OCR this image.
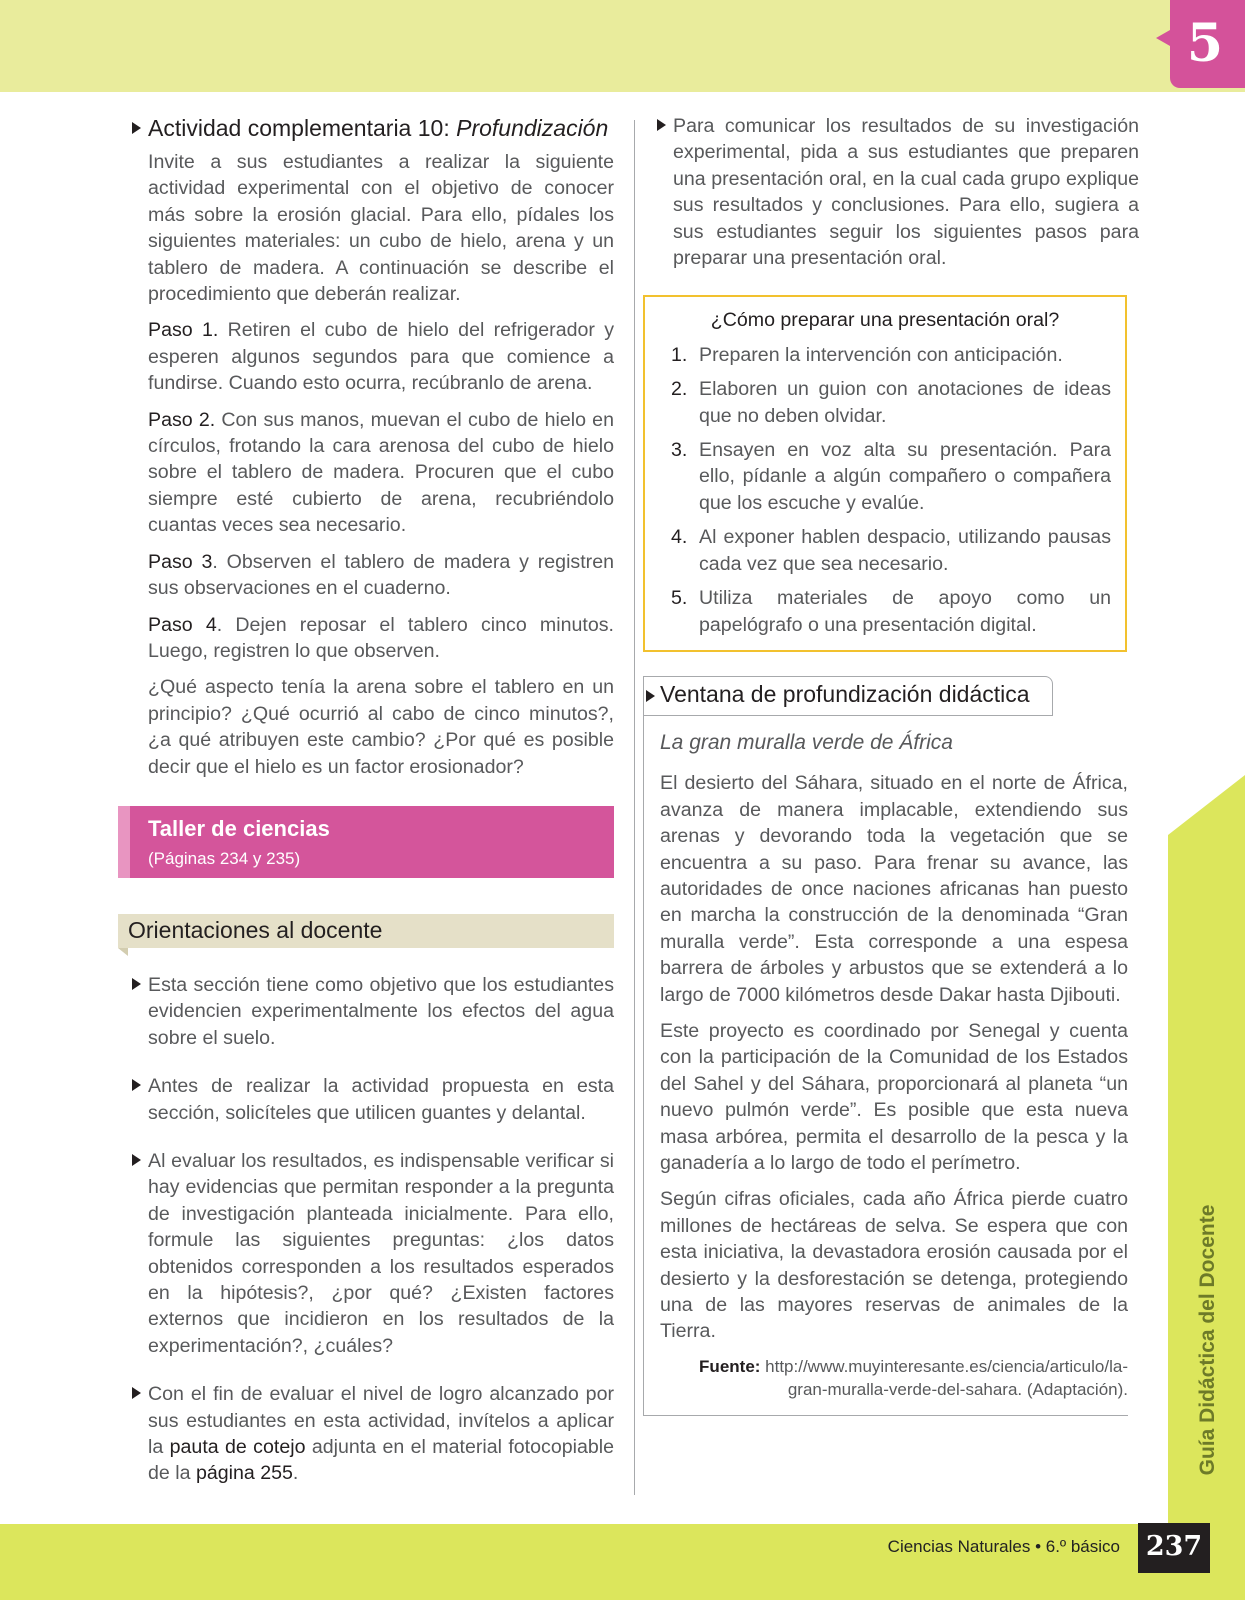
5
Guía Didáctica del Docente
Ciencias Naturales • 6.º básico 237
Actividad complementaria 10: Profundización

Invite a sus estudiantes a realizar la siguiente actividad experimental con el objetivo de conocer más sobre la erosión glacial. Para ello, pídales los siguientes materiales: un cubo de hielo, arena y un tablero de madera. A continuación se describe el procedimiento que deberán realizar.

Paso 1. Retiren el cubo de hielo del refrigerador y esperen algunos segundos para que comience a fundirse. Cuando esto ocurra, recúbranlo de arena.

Paso 2. Con sus manos, muevan el cubo de hielo en círculos, frotando la cara arenosa del cubo de hielo sobre el tablero de madera. Procuren que el cubo siempre esté cubierto de arena, recubriéndolo cuantas veces sea necesario.

Paso 3. Observen el tablero de madera y registren sus observaciones en el cuaderno.

Paso 4. Dejen reposar el tablero cinco minutos. Luego, registren lo que observen.

¿Qué aspecto tenía la arena sobre el tablero en un principio? ¿Qué ocurrió al cabo de cinco minutos?, ¿a qué atribuyen este cambio? ¿Por qué es posible decir que el hielo es un factor erosionador?

Taller de ciencias
(Páginas 234 y 235)
Orientaciones al docente
Esta sección tiene como objetivo que los estudiantes evidencien experimentalmente los efectos del agua sobre el suelo.
Antes de realizar la actividad propuesta en esta sección, solicíteles que utilicen guantes y delantal.
Al evaluar los resultados, es indispensable verificar si hay evidencias que permitan responder a la pregunta de investigación planteada inicialmente. Para ello, formule las siguientes preguntas: ¿los datos obtenidos corresponden a los resultados esperados en la hipótesis?, ¿por qué? ¿Existen factores externos que incidieron en los resultados de la experimentación?, ¿cuáles?
Con el fin de evaluar el nivel de logro alcanzado por sus estudiantes en esta actividad, invítelos a aplicar la pauta de cotejo adjunta en el material fotocopiable de la página 255.
Para comunicar los resultados de su investigación experimental, pida a sus estudiantes que preparen una presentación oral, en la cual cada grupo explique sus resultados y conclusiones. Para ello, sugiera a sus estudiantes seguir los siguientes pasos para preparar una presentación oral.
¿Cómo preparar una presentación oral?
1. Preparen la intervención con anticipación.
2. Elaboren un guion con anotaciones de ideas que no deben olvidar.
3. Ensayen en voz alta su presentación. Para ello, pídanle a algún compañero o compañera que los escuche y evalúe.
4. Al exponer hablen despacio, utilizando pausas cada vez que sea necesario.
5. Utiliza materiales de apoyo como un papelógrafo o una presentación digital.
Ventana de profundización didáctica
La gran muralla verde de África

El desierto del Sáhara, situado en el norte de África, avanza de manera implacable, extendiendo sus arenas y devorando toda la vegetación que se encuentra a su paso. Para frenar su avance, las autoridades de once naciones africanas han puesto en marcha la construcción de la denominada “Gran muralla verde”. Esta corresponde a una espesa barrera de árboles y arbustos que se extenderá a lo largo de 7000 kilómetros desde Dakar hasta Djibouti.

Este proyecto es coordinado por Senegal y cuenta con la participación de la Comunidad de los Estados del Sahel y del Sáhara, proporcionará al planeta “un nuevo pulmón verde”. Es posible que esta nueva masa arbórea, permita el desarrollo de la pesca y la ganadería a lo largo de todo el perímetro.

Según cifras oficiales, cada año África pierde cuatro millones de hectáreas de selva. Se espera que con esta iniciativa, la devastadora erosión causada por el desierto y la desforestación se detenga, protegiendo una de las mayores reservas de animales de la Tierra.

Fuente: http://www.muyinteresante.es/ciencia/articulo/la-gran-muralla-verde-del-sahara. (Adaptación).
